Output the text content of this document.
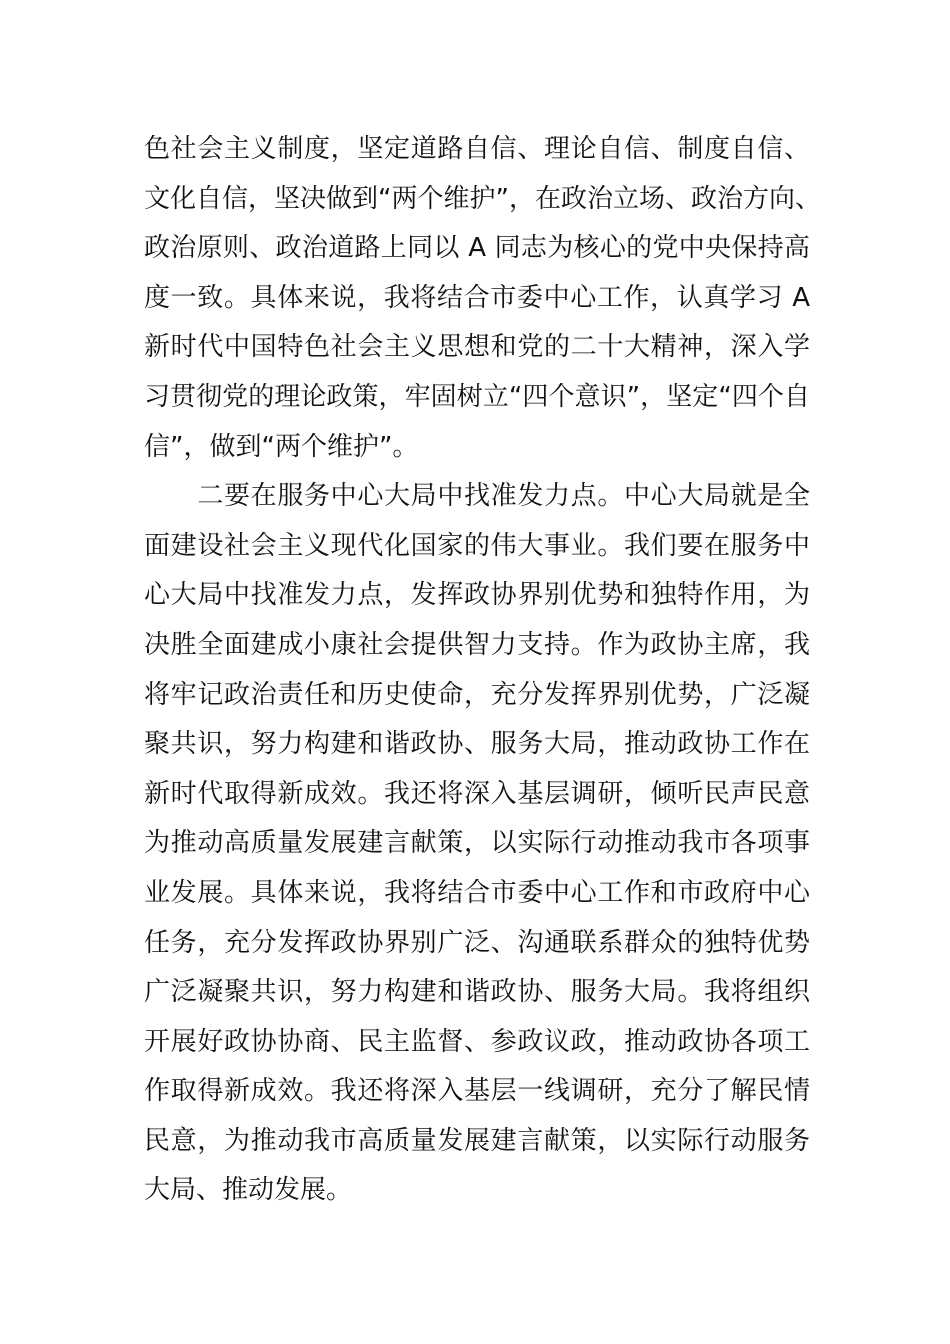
色社会主义制度，坚定道路自信、理论自信、制度自信、
文化自信，坚决做到“两个维护”，在政治立场、政治方向、
政治原则、政治道路上同以 A 同志为核心的党中央保持高
度一致。具体来说，我将结合市委中心工作，认真学习 A
新时代中国特色社会主义思想和党的二十大精神，深入学
习贯彻党的理论政策，牢固树立“四个意识”，坚定“四个自
信”，做到“两个维护”。
　　二要在服务中心大局中找准发力点。中心大局就是全
面建设社会主义现代化国家的伟大事业。我们要在服务中
心大局中找准发力点，发挥政协界别优势和独特作用，为
决胜全面建成小康社会提供智力支持。作为政协主席，我
将牢记政治责任和历史使命，充分发挥界别优势，广泛凝
聚共识，努力构建和谐政协、服务大局，推动政协工作在
新时代取得新成效。我还将深入基层调研，倾听民声民意
为推动高质量发展建言献策，以实际行动推动我市各项事
业发展。具体来说，我将结合市委中心工作和市政府中心
任务，充分发挥政协界别广泛、沟通联系群众的独特优势
广泛凝聚共识，努力构建和谐政协、服务大局。我将组织
开展好政协协商、民主监督、参政议政，推动政协各项工
作取得新成效。我还将深入基层一线调研，充分了解民情
民意，为推动我市高质量发展建言献策，以实际行动服务
大局、推动发展。
